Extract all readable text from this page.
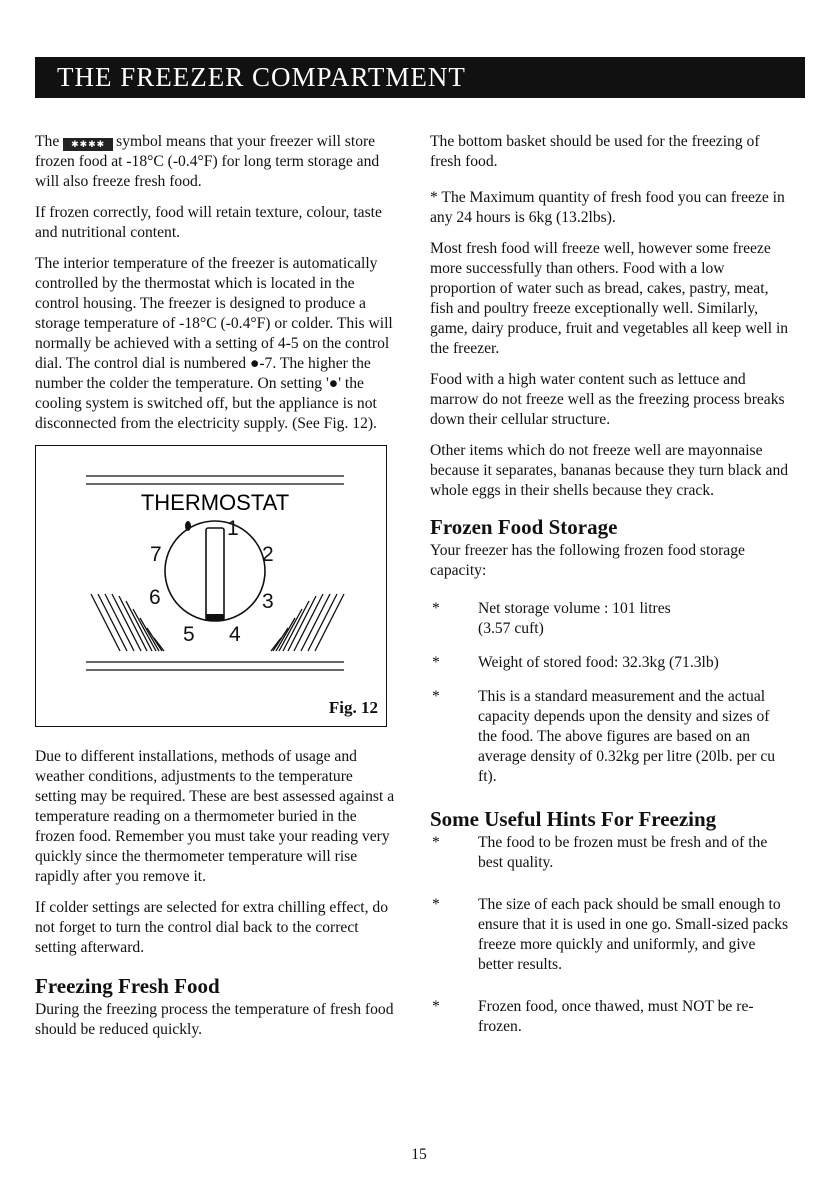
THE FREEZER COMPARTMENT

The ✱✱✱✱ symbol means that your freezer will store frozen food at -18°C (-0.4°F) for long term storage and will also freeze fresh food.

If frozen correctly, food will retain texture, colour, taste and nutritional content.

The interior temperature of the freezer is automatically controlled by the thermostat which is located in the control housing. The freezer is designed to produce a storage temperature of -18°C (-0.4°F) or colder. This will normally be achieved with a setting of 4-5 on the control dial. The control dial is numbered ●-7. The higher the number the colder the temperature. On setting '●' the cooling system is switched off, but the appliance is not disconnected from the electricity supply. (See Fig. 12).

THERMOSTAT
1
2
3
4
5
6
7
Fig. 12

Due to different installations, methods of usage and weather conditions, adjustments to the temperature setting may be required. These are best assessed against a temperature reading on a thermometer buried in the frozen food. Remember you must take your reading very quickly since the thermometer temperature will rise rapidly after you remove it.

If colder settings are selected for extra chilling effect, do not forget to turn the control dial back to the correct setting afterward.

Freezing Fresh Food

During the freezing process the temperature of fresh food should be reduced quickly.

The bottom basket should be used for the freezing of fresh food.

* The Maximum quantity of fresh food you can freeze in any 24 hours is 6kg (13.2lbs).

Most fresh food will freeze well, however some freeze more successfully than others. Food with a low proportion of water such as bread, cakes, pastry, meat, fish and poultry freeze exceptionally well. Similarly, game, dairy produce, fruit and vegetables all keep well in the freezer.

Food with a high water content such as lettuce and marrow do not freeze well as the freezing process breaks down their cellular structure.

Other items which do not freeze well are mayonnaise because it separates, bananas because they turn black and whole eggs in their shells because they crack.

Frozen Food Storage

Your freezer has the following frozen food storage capacity:

*	Net storage volume : 101 litres (3.57 cuft)
*	Weight of stored food: 32.3kg (71.3lb)
*	This is a standard measurement and the actual capacity depends upon the density and sizes of the food. The above figures are based on an average density of 0.32kg per litre (20lb. per cu ft).
Some Useful Hints For Freezing
*	The food to be frozen must be fresh and of the best quality.
*	The size of each pack should be small enough to ensure that it is used in one go. Small-sized packs freeze more quickly and uniformly, and give better results.
*	Frozen food, once thawed, must NOT be re-frozen.
15
